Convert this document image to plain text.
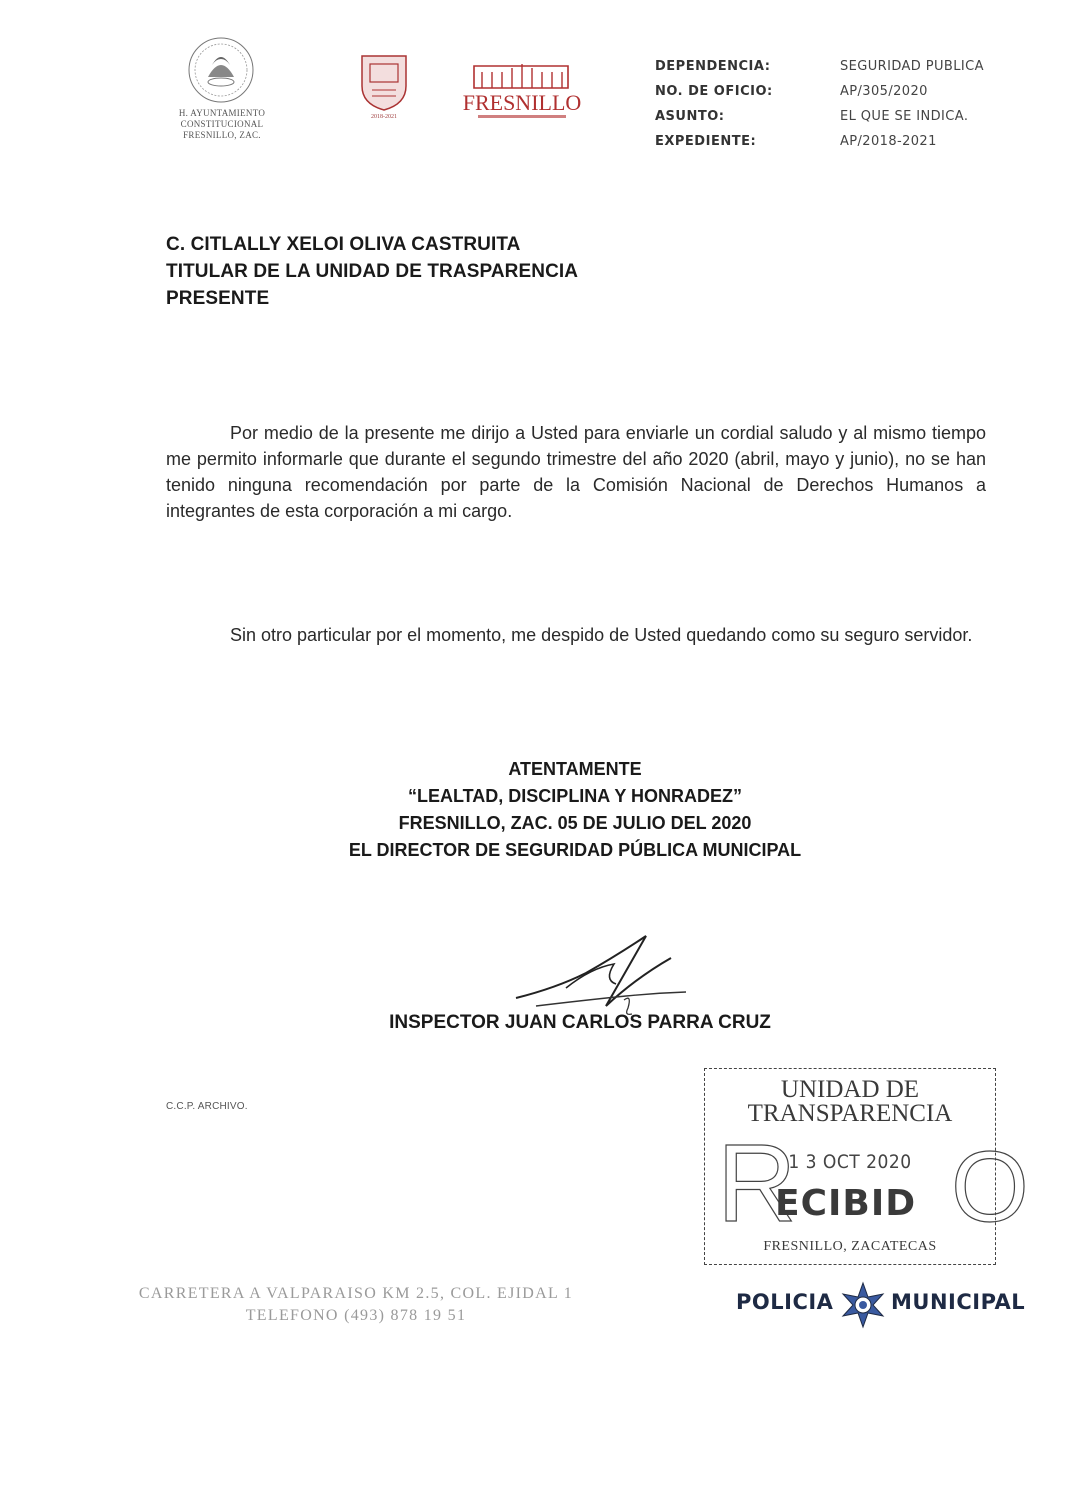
H. AYUNTAMIENTO
CONSTITUCIONAL
FRESNILLO, ZAC.
2018-2021
FRESNILLO
DEPENDENCIA:
NO. DE OFICIO:
ASUNTO:
EXPEDIENTE:
SEGURIDAD PUBLICA
AP/305/2020
EL QUE SE INDICA.
AP/2018-2021
C. CITLALLY XELOI OLIVA CASTRUITA
TITULAR DE LA UNIDAD DE TRASPARENCIA
PRESENTE

Por medio de la presente me dirijo a Usted para enviarle un cordial saludo y al mismo tiempo me permito informarle que durante el segundo trimestre del año 2020 (abril, mayo y junio), no se han tenido ninguna recomendación por parte de la Comisión Nacional de Derechos Humanos a integrantes de esta corporación a mi cargo.

Sin otro particular por el momento, me despido de Usted quedando como su seguro servidor.

ATENTAMENTE
“LEALTAD, DISCIPLINA Y HONRADEZ”
FRESNILLO, ZAC. 05 DE JULIO DEL 2020
EL DIRECTOR DE SEGURIDAD PÚBLICA MUNICIPAL
INSPECTOR JUAN CARLOS PARRA CRUZ
C.C.P. ARCHIVO.
UNIDAD DE
TRANSPARENCIA
R
1 3 OCT 2020
ECIBID O
FRESNILLO, ZACATECAS
CARRETERA A VALPARAISO KM 2.5, COL. EJIDAL 1
TELEFONO (493) 878 19 51
POLICIA	MUNICIPAL
